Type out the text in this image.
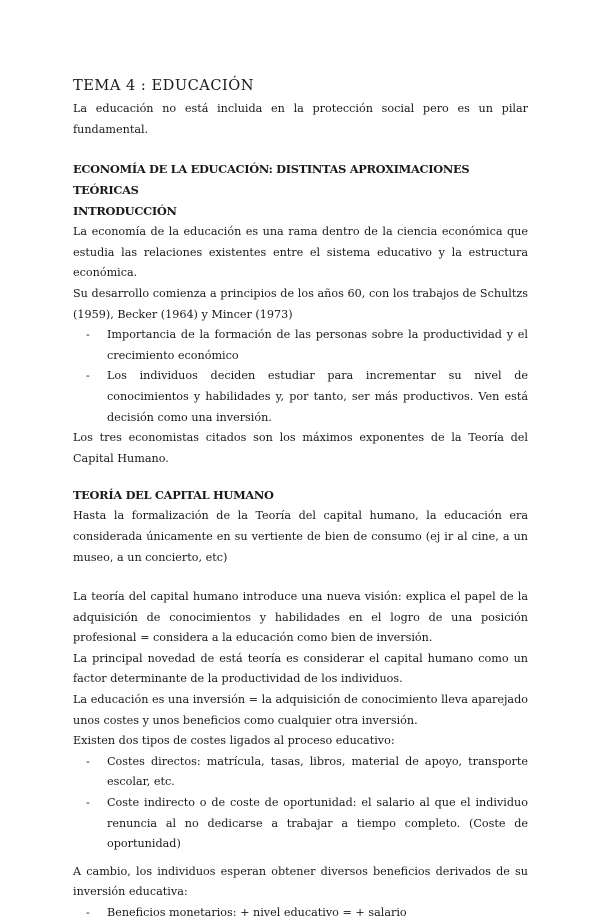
TEMA 4 : EDUCACIÓN

La educación no está incluida en la protección social pero es un pilar fundamental.

ECONOMÍA DE LA EDUCACIÓN: DISTINTAS APROXIMACIONES TEÓRICAS
INTRODUCCIÓN

La economía de la educación es una rama dentro de la ciencia económica que estudia las relaciones existentes entre el sistema educativo y la estructura económica.

Su desarrollo comienza a principios de los años 60, con los trabajos de Schultzs (1959), Becker (1964) y Mincer (1973)

- Importancia de la formación de las personas sobre la productividad y el crecimiento económico
- Los individuos deciden estudiar para incrementar su nivel de conocimientos y habilidades y, por tanto, ser más productivos. Ven está decisión como una inversión.

Los tres economistas citados son los máximos exponentes de la Teoría del Capital Humano.

TEORÍA DEL CAPITAL HUMANO

Hasta la formalización de la Teoría del capital humano, la educación era considerada únicamente en su vertiente de bien de consumo (ej ir al cine, a un museo, a un concierto, etc)

La teoría del capital humano introduce una nueva visión: explica el papel de la adquisición de conocimientos y habilidades en el logro de una posición profesional = considera a la educación como bien de inversión.

La principal novedad de está teoría es considerar el capital humano como un factor determinante de la productividad de los individuos.

La educación es una inversión = la adquisición de conocimiento lleva aparejado unos costes y unos beneficios como cualquier otra inversión.

Existen dos tipos de costes ligados al proceso educativo:

- Costes directos: matrícula, tasas, libros, material de apoyo, transporte escolar, etc.
- Coste indirecto o de coste de oportunidad: el salario al que el individuo renuncia al no dedicarse a trabajar a tiempo completo. (Coste de oportunidad)

A cambio, los individuos esperan obtener diversos beneficios derivados de su inversión educativa:

- Beneficios monetarios: + nivel educativo = + salario
